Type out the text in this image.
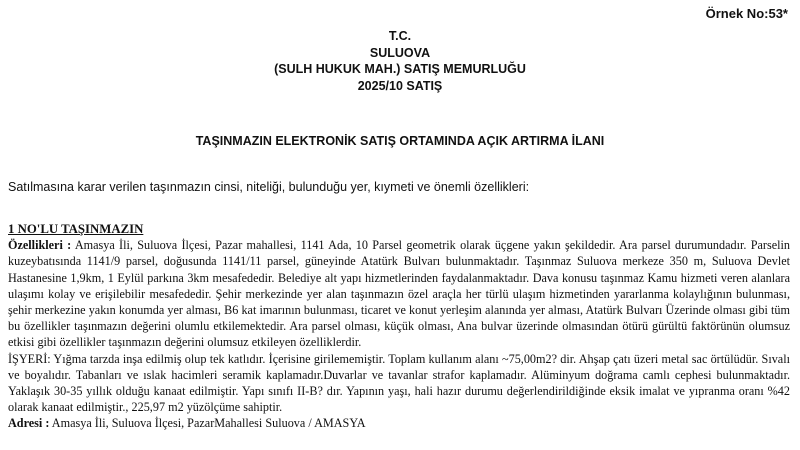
Örnek No:53*
T.C.
SULUOVA
(SULH HUKUK MAH.) SATIŞ MEMURLUĞU
2025/10 SATIŞ
TAŞINMAZIN ELEKTRONİK SATIŞ ORTAMINDA AÇIK ARTIRMA İLANI
Satılmasına karar verilen taşınmazın cinsi, niteliği, bulunduğu yer, kıymeti ve önemli özellikleri:

1 NO'LU TAŞINMAZIN

Özellikleri : Amasya İli, Suluova İlçesi, Pazar mahallesi, 1141 Ada, 10 Parsel geometrik olarak üçgene yakın şekildedir. Ara parsel durumundadır. Parselin kuzeybatısında 1141/9 parsel, doğusunda 1141/11 parsel, güneyinde Atatürk Bulvarı bulunmaktadır. Taşınmaz Suluova merkeze 350 m, Suluova Devlet Hastanesine 1,9km, 1 Eylül parkına 3km mesafededir. Belediye alt yapı hizmetlerinden faydalanmaktadır. Dava konusu taşınmaz Kamu hizmeti veren alanlara ulaşımı kolay ve erişilebilir mesafededir. Şehir merkezinde yer alan taşınmazın özel araçla her türlü ulaşım hizmetinden yararlanma kolaylığının bulunması, şehir merkezine yakın konumda yer alması, B6 kat imarının bulunması, ticaret ve konut yerleşim alanında yer alması, Atatürk Bulvarı Üzerinde olması gibi tüm bu özellikler taşınmazın değerini olumlu etkilemektedir. Ara parsel olması, küçük olması, Ana bulvar üzerinde olmasından ötürü gürültü faktörünün olumsuz etkisi gibi özellikler taşınmazın değerini olumsuz etkileyen özelliklerdir.

İŞYERİ: Yığma tarzda inşa edilmiş olup tek katlıdır. İçerisine girilememiştir. Toplam kullanım alanı ~75,00m2? dir. Ahşap çatı üzeri metal sac örtülüdür. Sıvalı ve boyalıdır. Tabanları ve ıslak hacimleri seramik kaplamadır.Duvarlar ve tavanlar strafor kaplamadır. Alüminyum doğrama camlı cephesi bulunmaktadır. Yaklaşık 30-35 yıllık olduğu kanaat edilmiştir. Yapı sınıfı II-B? dır. Yapının yaşı, hali hazır durumu değerlendirildiğinde eksik imalat ve yıpranma oranı %42 olarak kanaat edilmiştir., 225,97 m2 yüzölçüme sahiptir.

Adresi : Amasya İli, Suluova İlçesi, PazarMahallesi Suluova / AMASYA
